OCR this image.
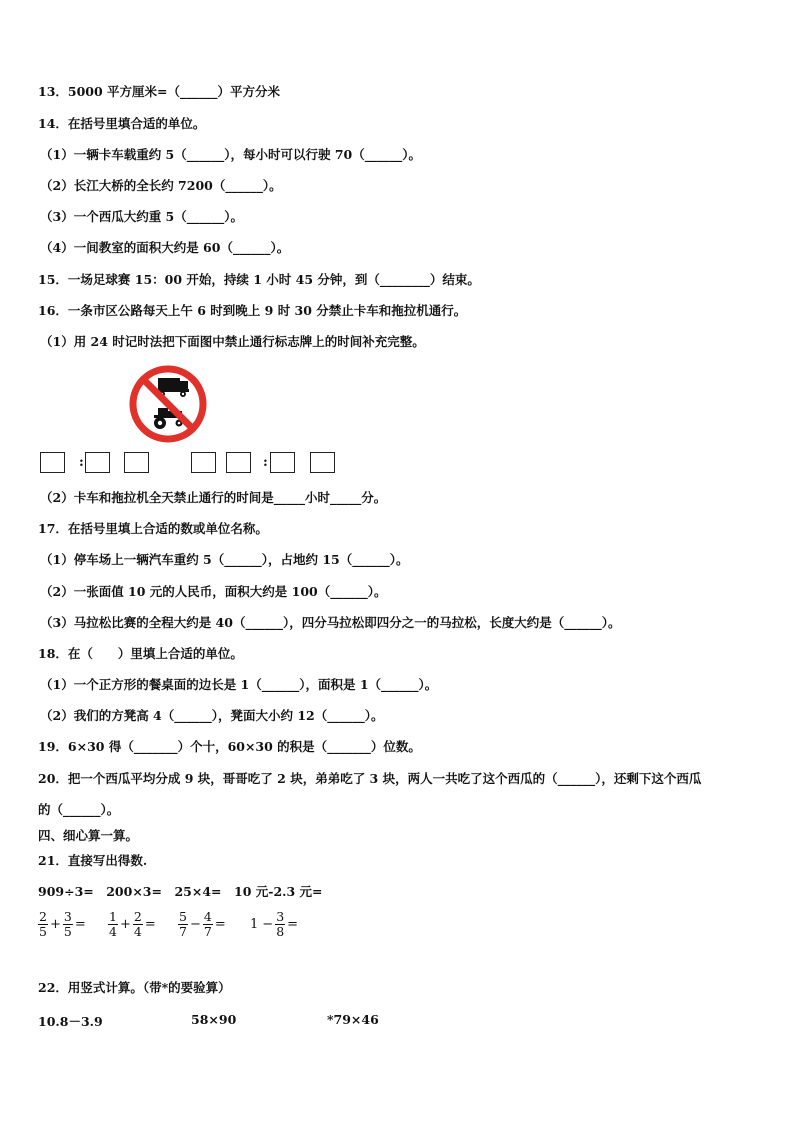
13．5000 平方厘米=（______）平方分米
14．在括号里填合适的单位。
（1）一辆卡车载重约 5（______），每小时可以行驶 70（______）。
（2）长江大桥的全长约 7200（______）。
（3）一个西瓜大约重 5（______）。
（4）一间教室的面积大约是 60（______）。
15．一场足球赛 15：00 开始，持续 1 小时 45 分钟，到（________）结束。
16．一条市区公路每天上午 6 时到晚上 9 时 30 分禁止卡车和拖拉机通行。
（1）用 24 时记时法把下面图中禁止通行标志牌上的时间补充完整。
:	:
（2）卡车和拖拉机全天禁止通行的时间是_____小时_____分。
17．在括号里填上合适的数或单位名称。
（1）停车场上一辆汽车重约 5（______），占地约 15（______）。
（2）一张面值 10 元的人民币，面积大约是 100（______）。
（3）马拉松比赛的全程大约是 40（______），四分马拉松即四分之一的马拉松，长度大约是（______）。
18．在（　　）里填上合适的单位。
（1）一个正方形的餐桌面的边长是 1（______），面积是 1（______）。
（2）我们的方凳高 4（______），凳面大小约 12（______）。
19．6×30 得（_______）个十，60×30 的积是（_______）位数。
20．把一个西瓜平均分成 9 块，哥哥吃了 2 块，弟弟吃了 3 块，两人一共吃了这个西瓜的（______），还剩下这个西瓜
的（______）。
四、细心算一算。
21．直接写出得数.
909÷3=　200×3=　25×4=　10 元-2.3 元=
$\frac{2}{5} + \frac{3}{5} = \frac{1}{4} + \frac{2}{4} = \frac{5}{7} - \frac{4}{7} = 1 - \frac{3}{8}$ =
22．用竖式计算。（带*的要验算）
10.8－3.9	58×90	*79×46
